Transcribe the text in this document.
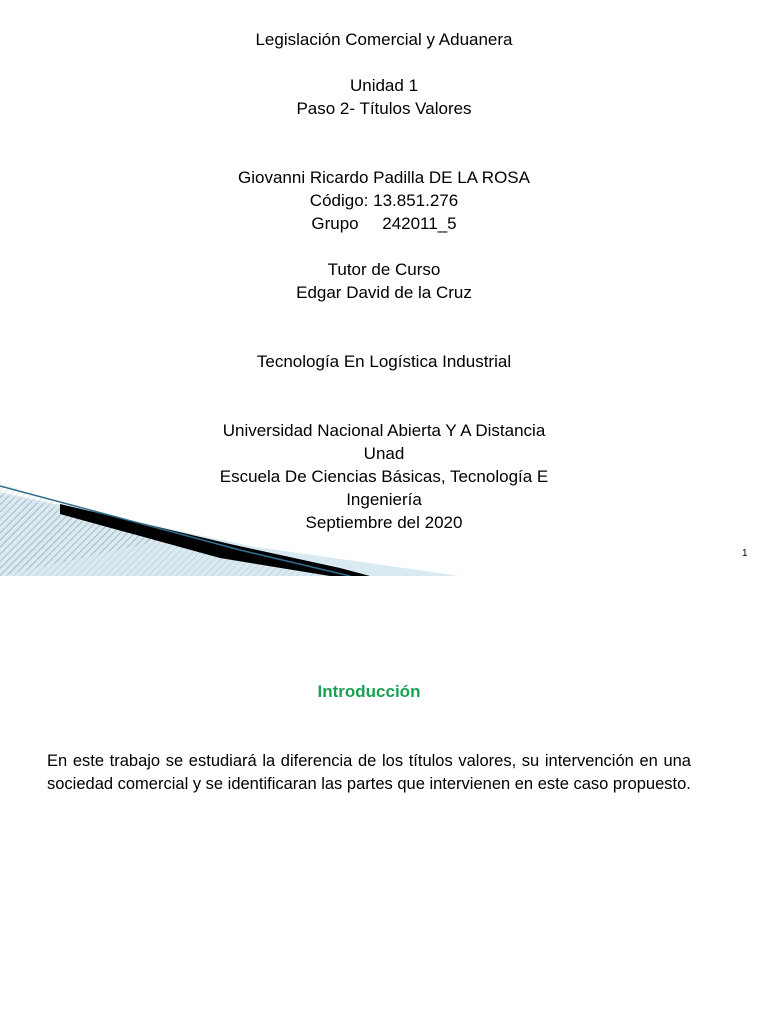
Legislación Comercial y Aduanera

Unidad 1

Paso 2- Títulos Valores

Giovanni Ricardo Padilla DE LA ROSA

Código: 13.851.276

Grupo     242011_5

Tutor de Curso

Edgar David de la Cruz

Tecnología En Logística Industrial

Universidad Nacional Abierta Y A Distancia

Unad

Escuela De Ciencias Básicas, Tecnología E

Ingeniería

Septiembre del 2020

1
Introducción

En este trabajo se estudiará la diferencia de los títulos valores, su intervención en una sociedad comercial y se identificaran las partes que intervienen en este caso propuesto.
